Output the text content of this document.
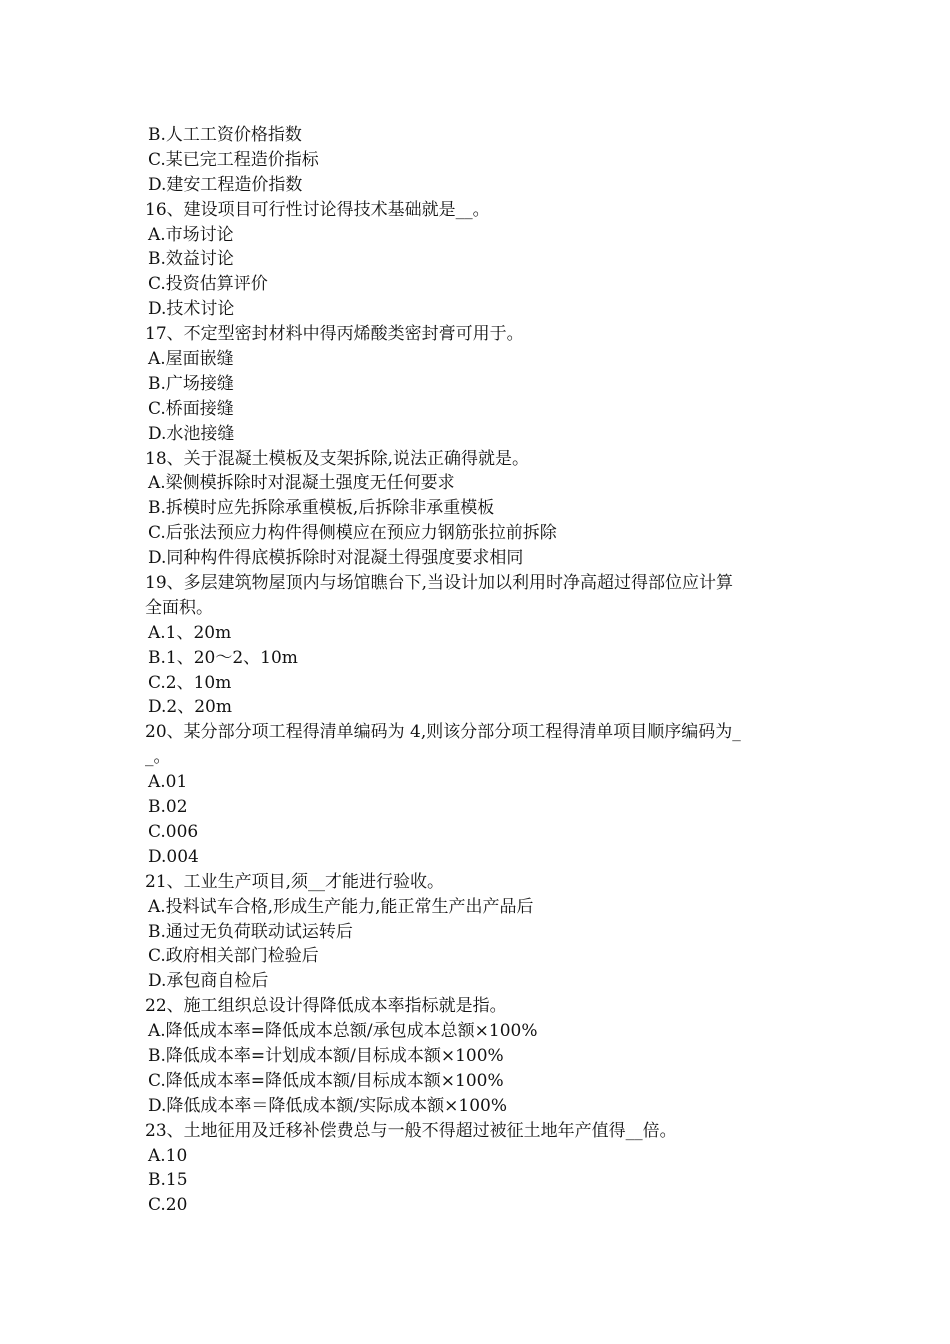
B.人工工资价格指数
C.某已完工程造价指标
D.建安工程造价指数
16、建设项目可行性讨论得技术基础就是__。
A.市场讨论
B.效益讨论
C.投资估算评价
D.技术讨论
17、不定型密封材料中得丙烯酸类密封膏可用于。
A.屋面嵌缝
B.广场接缝
C.桥面接缝
D.水池接缝
18、关于混凝土模板及支架拆除,说法正确得就是。
A.梁侧模拆除时对混凝土强度无任何要求
B.拆模时应先拆除承重模板,后拆除非承重模板
C.后张法预应力构件得侧模应在预应力钢筋张拉前拆除
D.同种构件得底模拆除时对混凝土得强度要求相同
19、多层建筑物屋顶内与场馆瞧台下,当设计加以利用时净高超过得部位应计算
全面积。
A.1、20m
B.1、20～2、10m
C.2、10m
D.2、20m
20、某分部分项工程得清单编码为 4,则该分部分项工程得清单项目顺序编码为_
_。
A.01
B.02
C.006
D.004
21、工业生产项目,须__才能进行验收。
A.投料试车合格,形成生产能力,能正常生产出产品后
B.通过无负荷联动试运转后
C.政府相关部门检验后
D.承包商自检后
22、施工组织总设计得降低成本率指标就是指。
A.降低成本率=降低成本总额/承包成本总额×100%
B.降低成本率=计划成本额/目标成本额×100%
C.降低成本率=降低成本额/目标成本额×100%
D.降低成本率＝降低成本额/实际成本额×100%
23、土地征用及迁移补偿费总与一般不得超过被征土地年产值得__倍。
A.10
B.15
C.20
